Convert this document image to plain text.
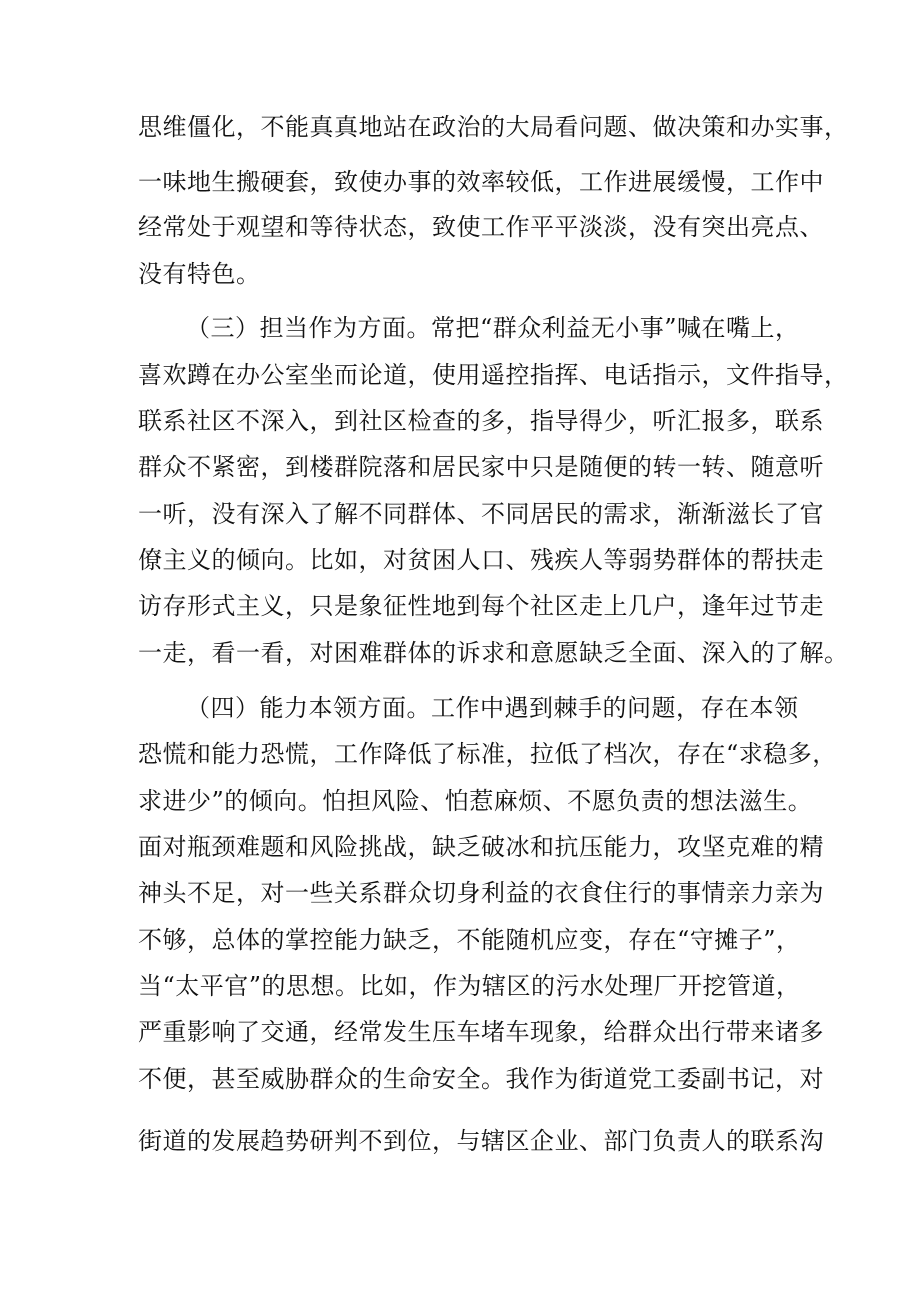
思维僵化，不能真真地站在政治的大局看问题、做决策和办实事，
一味地生搬硬套，致使办事的效率较低，工作进展缓慢，工作中
经常处于观望和等待状态，致使工作平平淡淡，没有突出亮点、
没有特色。
（三）担当作为方面。常把“群众利益无小事”喊在嘴上，
喜欢蹲在办公室坐而论道，使用遥控指挥、电话指示，文件指导，
联系社区不深入，到社区检查的多，指导得少，听汇报多，联系
群众不紧密，到楼群院落和居民家中只是随便的转一转、随意听
一听，没有深入了解不同群体、不同居民的需求，渐渐滋长了官
僚主义的倾向。比如，对贫困人口、残疾人等弱势群体的帮扶走
访存形式主义，只是象征性地到每个社区走上几户，逢年过节走
一走，看一看，对困难群体的诉求和意愿缺乏全面、深入的了解。
（四）能力本领方面。工作中遇到棘手的问题，存在本领
恐慌和能力恐慌，工作降低了标准，拉低了档次，存在“求稳多，
求进少”的倾向。怕担风险、怕惹麻烦、不愿负责的想法滋生。
面对瓶颈难题和风险挑战，缺乏破冰和抗压能力，攻坚克难的精
神头不足，对一些关系群众切身利益的衣食住行的事情亲力亲为
不够，总体的掌控能力缺乏，不能随机应变，存在“守摊子”，
当“太平官”的思想。比如，作为辖区的污水处理厂开挖管道，
严重影响了交通，经常发生压车堵车现象，给群众出行带来诸多
不便，甚至威胁群众的生命安全。我作为街道党工委副书记，对
街道的发展趋势研判不到位，与辖区企业、部门负责人的联系沟
